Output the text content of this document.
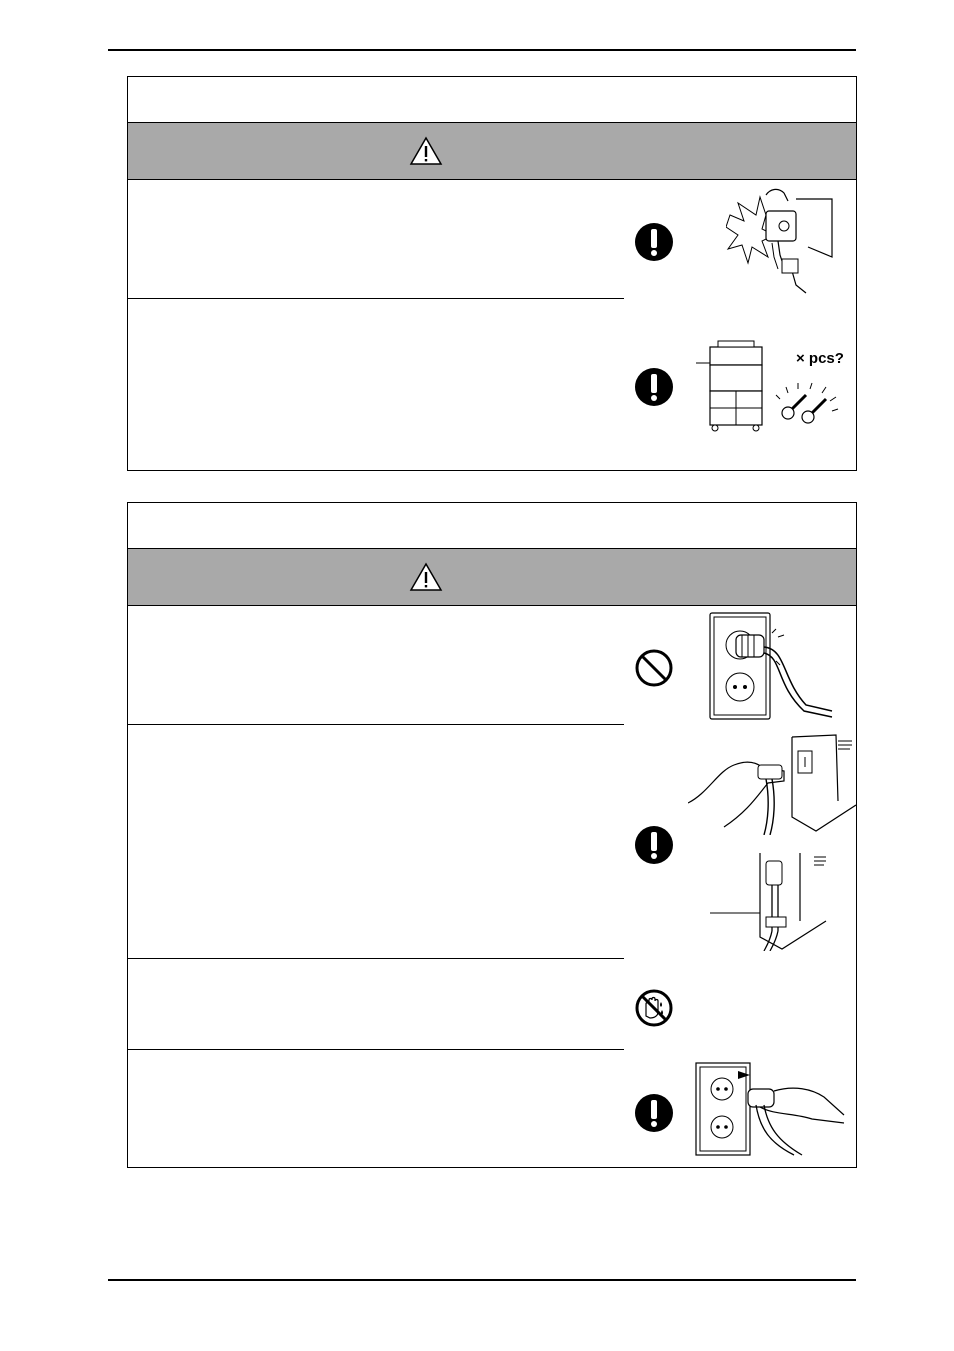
× pcs?
